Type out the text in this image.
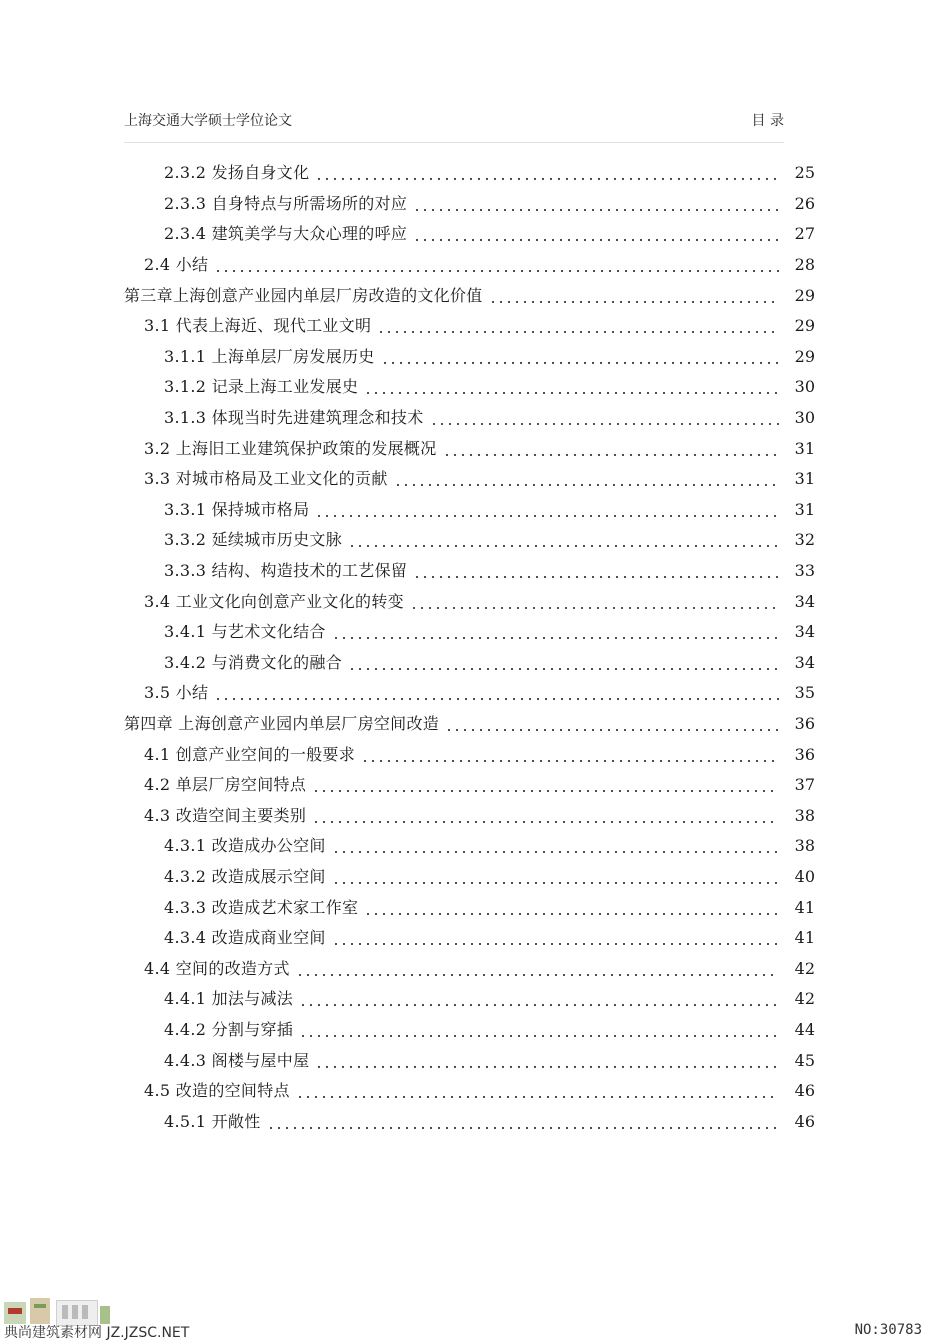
上海交通大学硕士学位论文	目 录
2.3.2 发扬自身文化	25
2.3.3 自身特点与所需场所的对应	26
2.3.4 建筑美学与大众心理的呼应	27
2.4 小结	28
第三章上海创意产业园内单层厂房改造的文化价值	29
3.1 代表上海近、现代工业文明	29
3.1.1 上海单层厂房发展历史	29
3.1.2 记录上海工业发展史	30
3.1.3 体现当时先进建筑理念和技术	30
3.2 上海旧工业建筑保护政策的发展概况	31
3.3 对城市格局及工业文化的贡献	31
3.3.1 保持城市格局	31
3.3.2 延续城市历史文脉	32
3.3.3 结构、构造技术的工艺保留	33
3.4 工业文化向创意产业文化的转变	34
3.4.1 与艺术文化结合	34
3.4.2 与消费文化的融合	34
3.5 小结	35
第四章 上海创意产业园内单层厂房空间改造	36
4.1 创意产业空间的一般要求	36
4.2 单层厂房空间特点	37
4.3 改造空间主要类别	38
4.3.1 改造成办公空间	38
4.3.2 改造成展示空间	40
4.3.3 改造成艺术家工作室	41
4.3.4 改造成商业空间	41
4.4 空间的改造方式	42
4.4.1 加法与减法	42
4.4.2 分割与穿插	44
4.4.3 阁楼与屋中屋	45
4.5 改造的空间特点	46
4.5.1 开敞性	46
典尚建筑素材网 JZ.JZSC.NET	NO:30783
